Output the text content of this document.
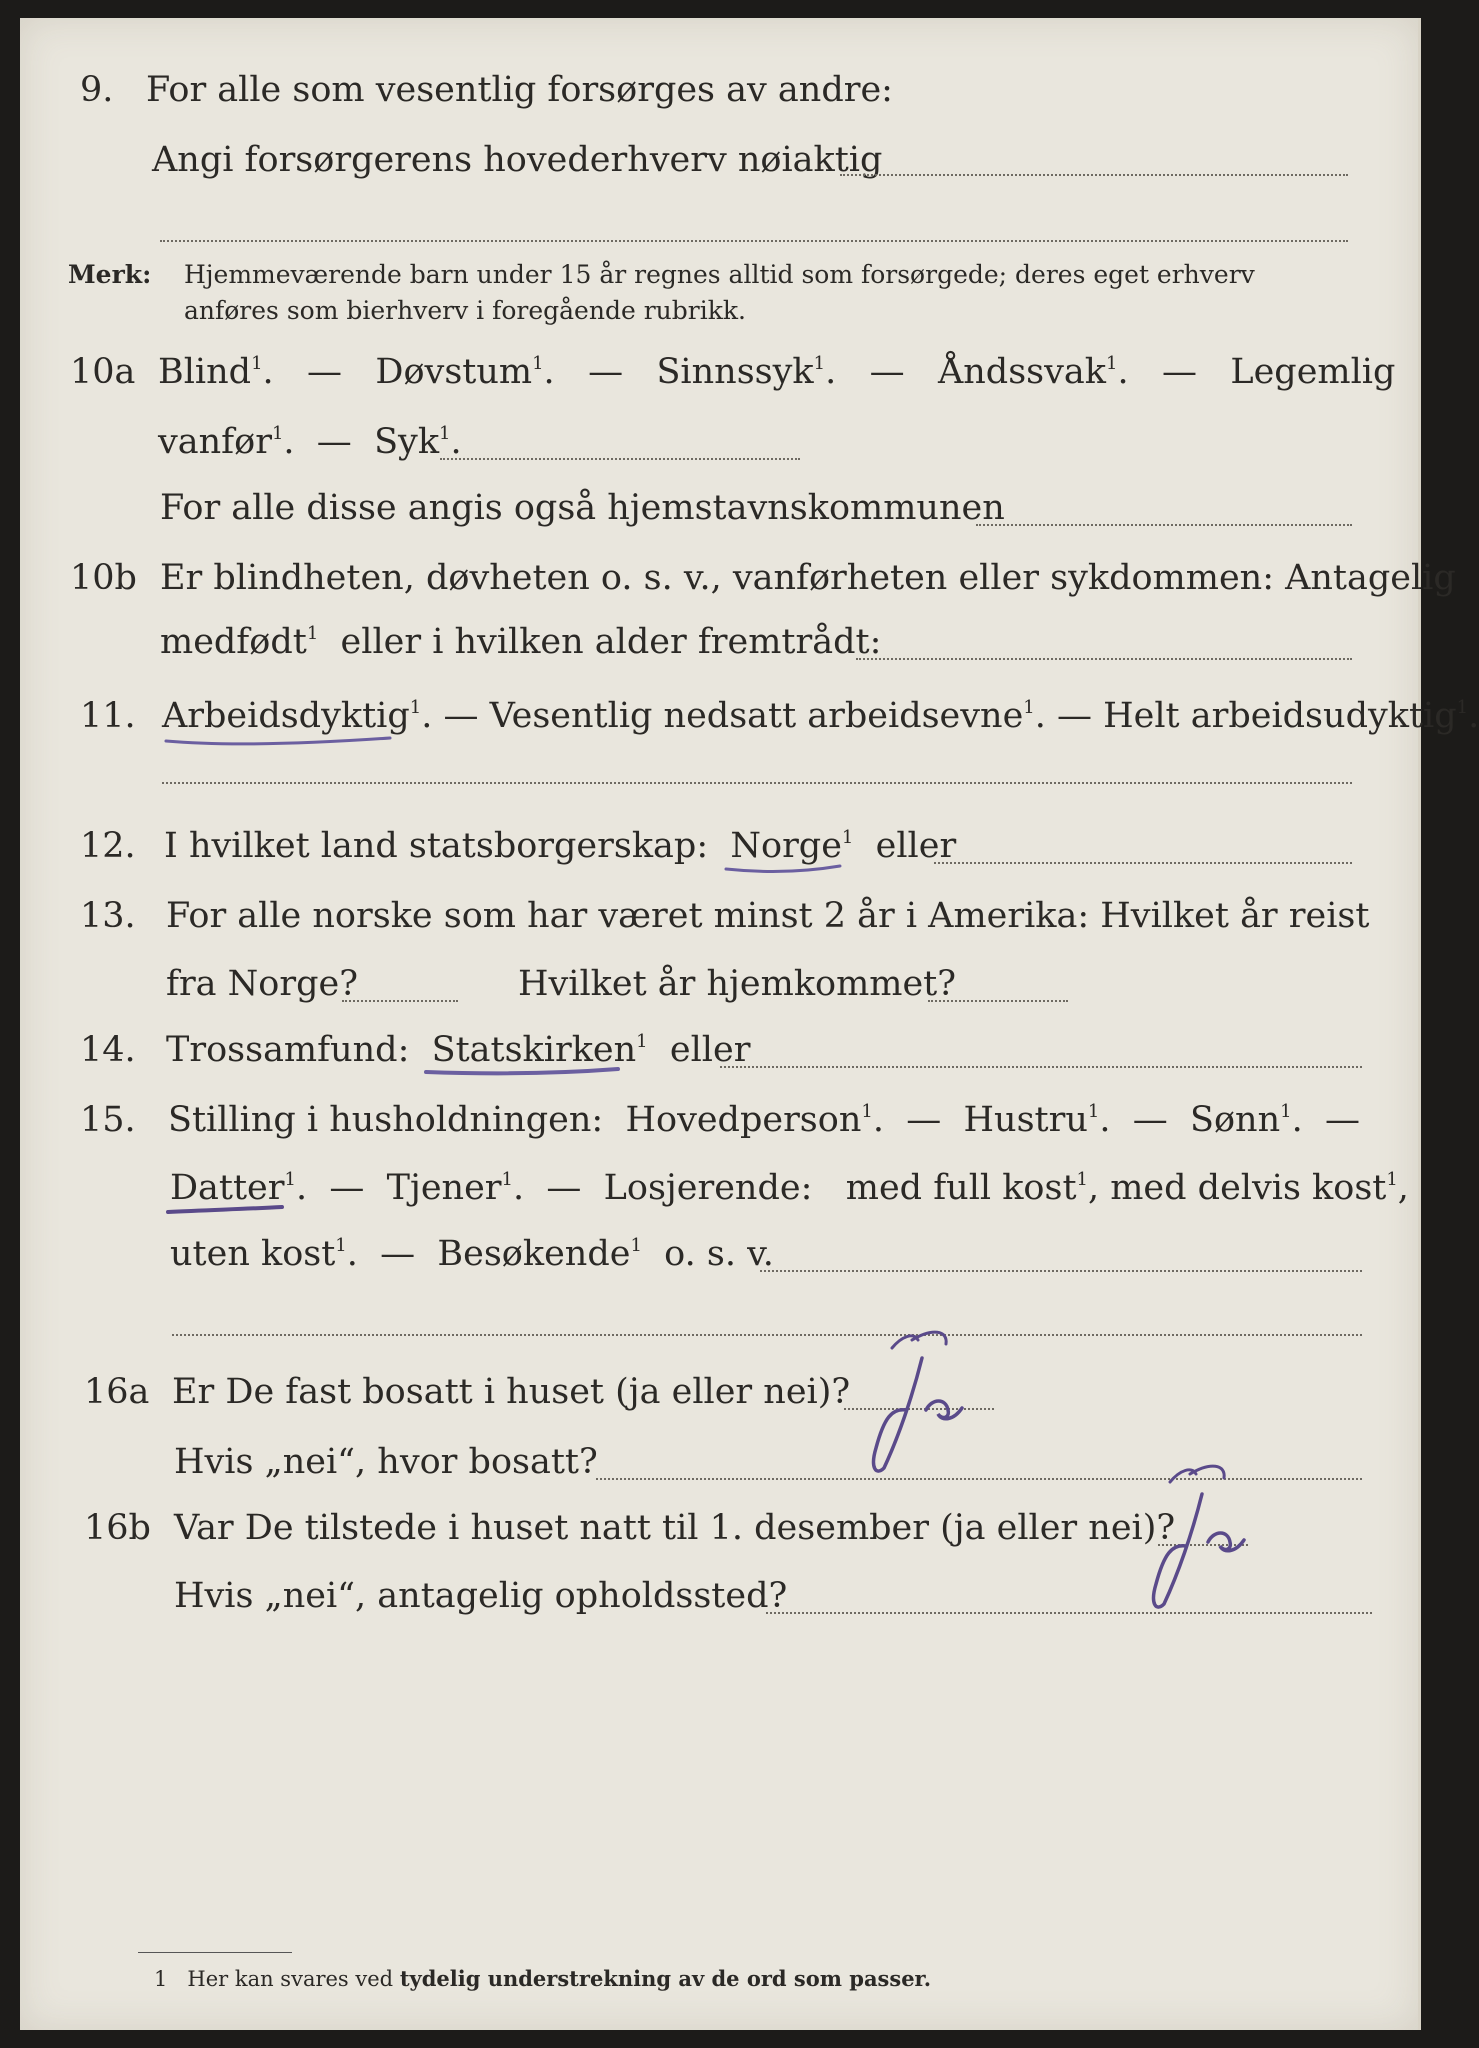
9. For alle som vesentlig forsørges av andre:
Angi forsørgerens hovederhverv nøiaktig
Merk: Hjemmeværende barn under 15 år regnes alltid som forsørgede; deres eget erhverv
anføres som bierhverv i foregående rubrikk.
10a Blind$^1$.   — Døvstum$^1$.   — Sinnssyk$^1$.   — Åndssvak$^1$.   — Legemlig
vanfør$^1$.  — Syk$^1$.
For alle disse angis også hjemstavnskommunen
10b Er blindheten, døvheten o. s. v., vanførheten eller sykdommen: Antagelig
medfødt$^1$ eller i hvilken alder fremtrådt:
11. Arbeidsdyktig$^1$
. — Vesentlig nedsatt arbeidsevne$^1$. — Helt arbeidsudyktig$^1$.
12. I hvilket land statsborgerskap: Norge$^1$ eller
13. For alle norske som har været minst 2 år i Amerika: Hvilket år reist
fra Norge?	Hvilket år hjemkommet?
14. Trossamfund: Statskirken$^1$ eller
15. Stilling i husholdningen: Hovedperson$^1$.  — Hustru$^1$.  — Sønn$^1$.  —
Datter$^1$
.  — Tjener$^1$.  — Losjerende: med full kost$^1$, med delvis kost$^1$,
uten kost$^1$.  — Besøkende$^1$ o. s. v.
16a Er De fast bosatt i huset (ja eller nei)?
Hvis „nei“, hvor bosatt?
16b Var De tilstede i huset natt til 1. desember (ja eller nei)?
Hvis „nei“, antagelig opholdssted?
1 Her kan svares ved tydelig understrekning av de ord som passer.
